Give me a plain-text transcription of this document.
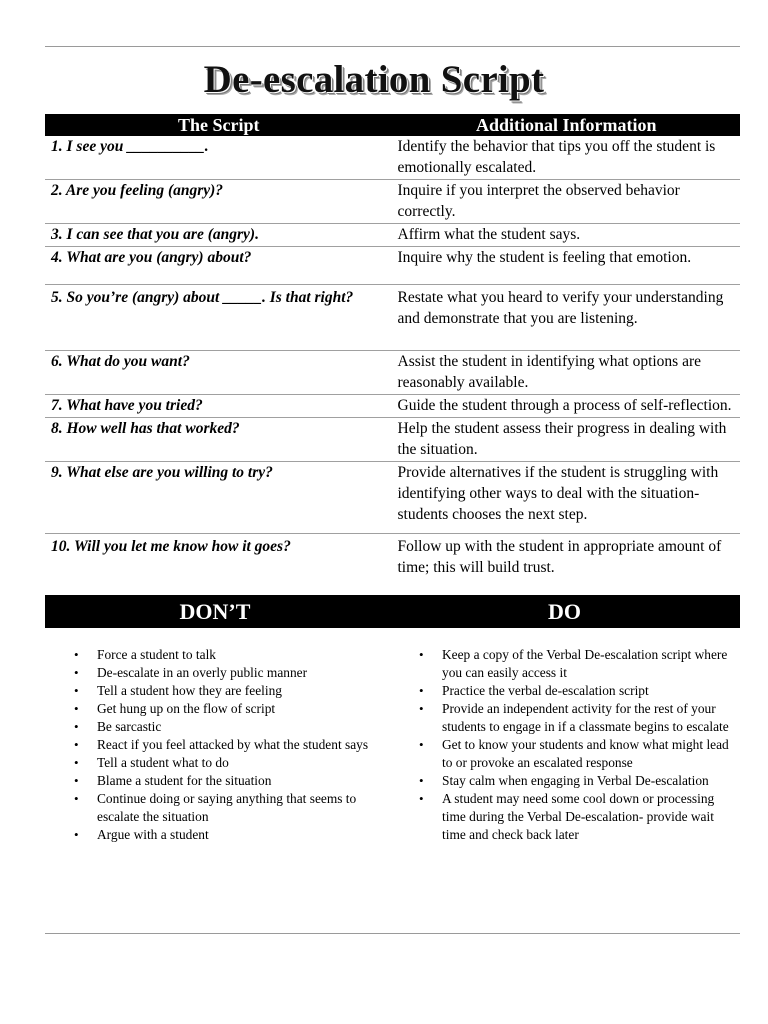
De-escalation Script
The Script	Additional Information
1. I see you __________.	Identify the behavior that tips you off the student is emotionally escalated.
2. Are you feeling (angry)?	Inquire if you interpret the observed behavior correctly.
3. I can see that you are (angry).	Affirm what the student says.
4. What are you (angry) about?	Inquire why the student is feeling that emotion.
5. So you’re (angry) about _____. Is that right?	Restate what you heard to verify your understanding and demonstrate that you are listening.
6. What do you want?	Assist the student in identifying what options are reasonably available.
7. What have you tried?	Guide the student through a process of self-reflection.
8. How well has that worked?	Help the student assess their progress in dealing with the situation.
9. What else are you willing to try?	Provide alternatives if the student is struggling with identifying other ways to deal with the situation- students chooses the next step.
10. Will you let me know how it goes?	Follow up with the student in appropriate amount of time; this will build trust.
DON’T	DO
• Force a student to talk
• De-escalate in an overly public manner
• Tell a student how they are feeling
• Get hung up on the flow of script
• Be sarcastic
• React if you feel attacked by what the student says
• Tell a student what to do
• Blame a student for the situation
• Continue doing or saying anything that seems to escalate the situation
• Argue with a student
• Keep a copy of the Verbal De-escalation script where you can easily access it
• Practice the verbal de-escalation script
• Provide an independent activity for the rest of your students to engage in if a classmate begins to escalate
• Get to know your students and know what might lead to or provoke an escalated response
• Stay calm when engaging in Verbal De-escalation
• A student may need some cool down or processing time during the Verbal De-escalation- provide wait time and check back later
